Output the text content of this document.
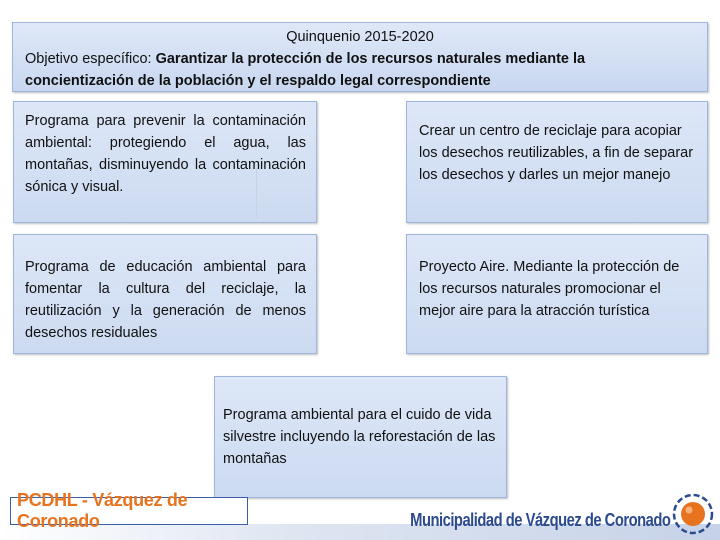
Quinquenio 2015-2020
Objetivo específico: Garantizar la protección de los recursos naturales mediante la concientización de la población y el respaldo legal correspondiente
Programa para prevenir la contaminación ambiental: protegiendo el agua, las montañas, disminuyendo la contaminación sónica y visual.
Crear un centro de reciclaje para acopiar los desechos reutilizables, a fin de separar los desechos y darles un mejor manejo
Programa de educación ambiental para fomentar la cultura del reciclaje, la reutilización y la generación de menos desechos residuales
Proyecto Aire. Mediante la protección de los recursos naturales promocionar el mejor aire para la atracción turística
Programa ambiental para el cuido de vida silvestre incluyendo la reforestación de las montañas
PCDHL - Vázquez de Coronado	Municipalidad de Vázquez de Coronado
